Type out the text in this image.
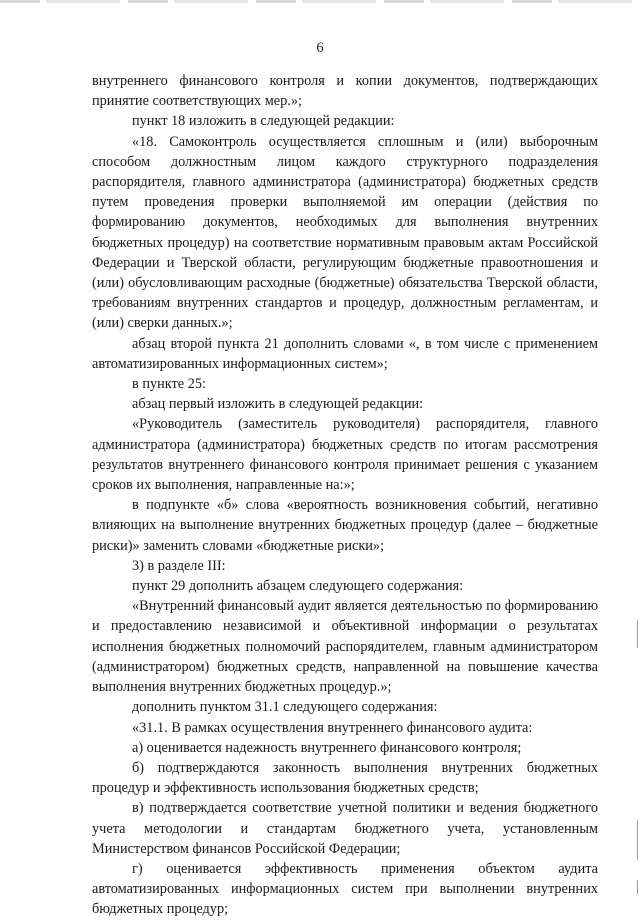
6

внутреннего финансового контроля и копии документов, подтверждающих принятие соответствующих мер.»;

пункт 18 изложить в следующей редакции:

«18. Самоконтроль осуществляется сплошным и (или) выборочным способом должностным лицом каждого структурного подразделения распорядителя, главного администратора (администратора) бюджетных средств путем проведения проверки выполняемой им операции (действия по формированию документов, необходимых для выполнения внутренних бюджетных процедур) на соответствие нормативным правовым актам Российской Федерации и Тверской области, регулирующим бюджетные правоотношения и (или) обусловливающим расходные (бюджетные) обязательства Тверской области, требованиям внутренних стандартов и процедур, должностным регламентам, и (или) сверки данных.»;

абзац второй пункта 21 дополнить словами «, в том числе с применением автоматизированных информационных систем»;

в пункте 25:

абзац первый изложить в следующей редакции:

«Руководитель (заместитель руководителя) распорядителя, главного администратора (администратора) бюджетных средств по итогам рассмотрения результатов внутреннего финансового контроля принимает решения с указанием сроков их выполнения, направленные на:»;

в подпункте «б» слова «вероятность возникновения событий, негативно влияющих на выполнение внутренних бюджетных процедур (далее – бюджетные риски)» заменить словами «бюджетные риски»;

3) в разделе III:

пункт 29 дополнить абзацем следующего содержания:

«Внутренний финансовый аудит является деятельностью по формированию и предоставлению независимой и объективной информации о результатах исполнения бюджетных полномочий распорядителем, главным администратором (администратором) бюджетных средств, направленной на повышение качества выполнения внутренних бюджетных процедур.»;

дополнить пунктом 31.1 следующего содержания:

«31.1. В рамках осуществления внутреннего финансового аудита:

а) оценивается надежность внутреннего финансового контроля;

б) подтверждаются законность выполнения внутренних бюджетных процедур и эффективность использования бюджетных средств;

в) подтверждается соответствие учетной политики и ведения бюджетного учета методологии и стандартам бюджетного учета, установленным Министерством финансов Российской Федерации;

г) оценивается эффективность применения объектом аудита автоматизированных информационных систем при выполнении внутренних бюджетных процедур;
